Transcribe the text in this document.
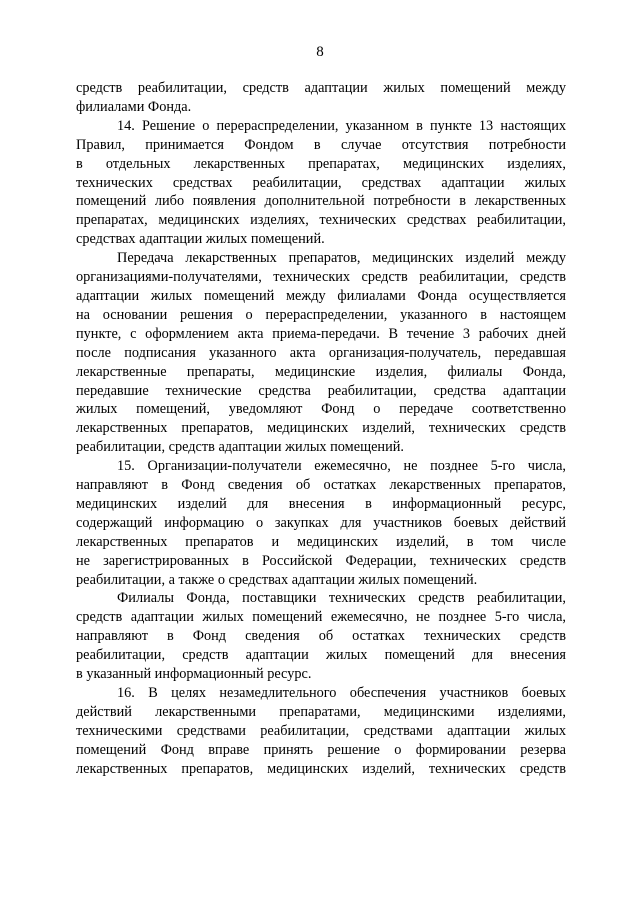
8
средств реабилитации, средств адаптации жилых помещений между
филиалами Фонда.
14. Решение о перераспределении, указанном в пункте 13 настоящих
Правил, принимается Фондом в случае отсутствия потребности
в отдельных лекарственных препаратах, медицинских изделиях,
технических средствах реабилитации, средствах адаптации жилых
помещений либо появления дополнительной потребности в лекарственных
препаратах, медицинских изделиях, технических средствах реабилитации,
средствах адаптации жилых помещений.
Передача лекарственных препаратов, медицинских изделий между
организациями-получателями, технических средств реабилитации, средств
адаптации жилых помещений между филиалами Фонда осуществляется
на основании решения о перераспределении, указанного в настоящем
пункте, с оформлением акта приема-передачи. В течение 3 рабочих дней
после подписания указанного акта организация-получатель, передавшая
лекарственные препараты, медицинские изделия, филиалы Фонда,
передавшие технические средства реабилитации, средства адаптации
жилых помещений, уведомляют Фонд о передаче соответственно
лекарственных препаратов, медицинских изделий, технических средств
реабилитации, средств адаптации жилых помещений.
15. Организации-получатели ежемесячно, не позднее 5-го числа,
направляют в Фонд сведения об остатках лекарственных препаратов,
медицинских изделий для внесения в информационный ресурс,
содержащий информацию о закупках для участников боевых действий
лекарственных препаратов и медицинских изделий, в том числе
не зарегистрированных в Российской Федерации, технических средств
реабилитации, а также о средствах адаптации жилых помещений.
Филиалы Фонда, поставщики технических средств реабилитации,
средств адаптации жилых помещений ежемесячно, не позднее 5-го числа,
направляют в Фонд сведения об остатках технических средств
реабилитации, средств адаптации жилых помещений для внесения
в указанный информационный ресурс.
16. В целях незамедлительного обеспечения участников боевых
действий лекарственными препаратами, медицинскими изделиями,
техническими средствами реабилитации, средствами адаптации жилых
помещений Фонд вправе принять решение о формировании резерва
лекарственных препаратов, медицинских изделий, технических средств
